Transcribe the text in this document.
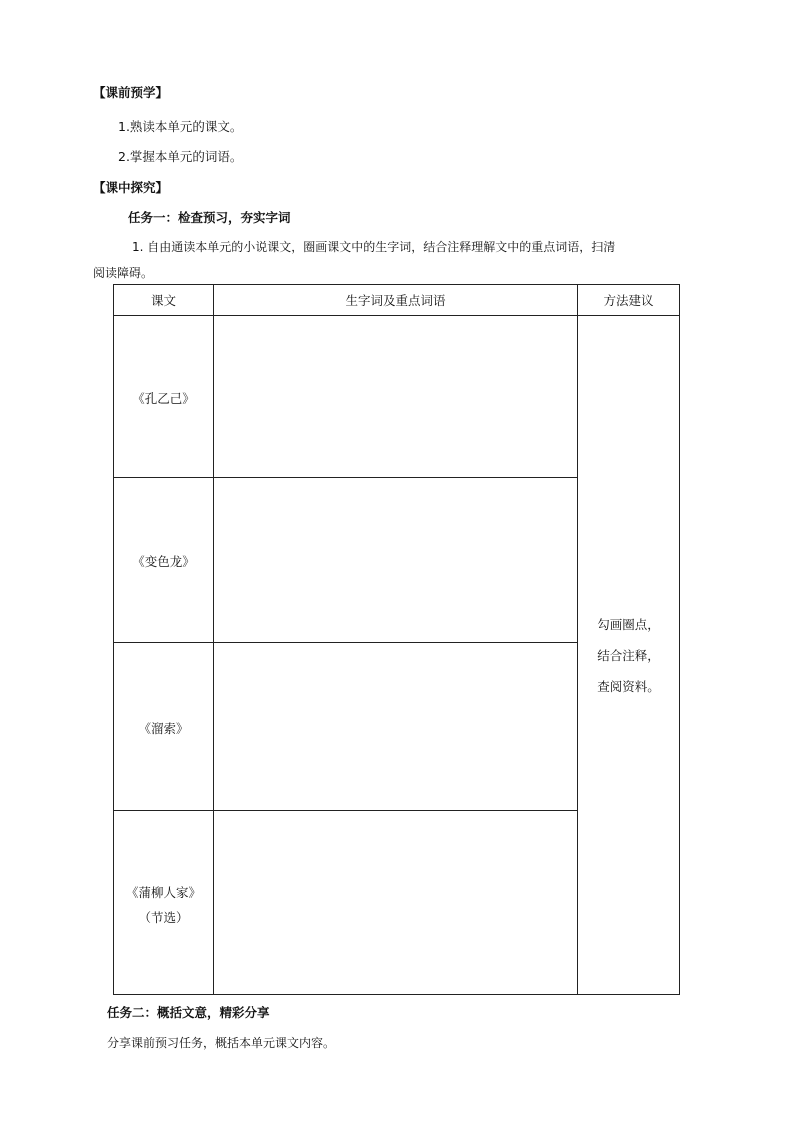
【课前预学】
1.熟读本单元的课文。
2.掌握本单元的词语。
【课中探究】
任务一：检查预习，夯实字词
1. 自由通读本单元的小说课文，圈画课文中的生字词，结合注释理解文中的重点词语，扫清
阅读障碍。
课文	生字词及重点词语	方法建议
《孔乙己》
《变色龙》
《溜索》
《蒲柳人家》
（节选）
勾画圈点，
结合注释，
查阅资料。
任务二：概括文意，精彩分享
分享课前预习任务，概括本单元课文内容。
